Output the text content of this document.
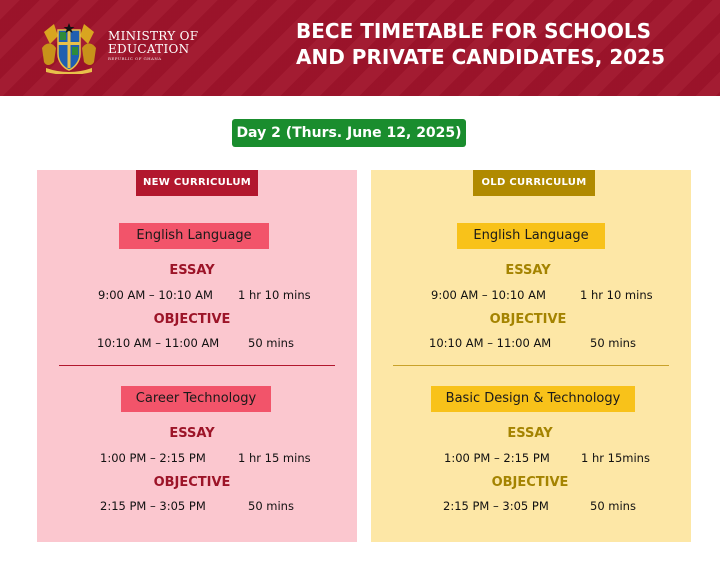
MINISTRY OF
EDUCATION
REPUBLIC OF GHANA
BECE TIMETABLE FOR SCHOOLS
AND PRIVATE CANDIDATES, 2025
Day 2 (Thurs. June 12, 2025)
NEW CURRICULUM
English Language
ESSAY
9:00 AM – 10:10 AM 1 hr 10 mins
OBJECTIVE
10:10 AM – 11:00 AM	50 mins
Career Technology
ESSAY
1:00 PM – 2:15 PM	1 hr 15 mins
OBJECTIVE
2:15 PM – 3:05 PM	50 mins
OLD CURRICULUM
English Language
ESSAY
9:00 AM – 10:10 AM	1 hr 10 mins
OBJECTIVE
10:10 AM – 11:00 AM	50 mins
Basic Design & Technology
ESSAY
1:00 PM – 2:15 PM	1 hr 15mins
OBJECTIVE
2:15 PM – 3:05 PM	50 mins
